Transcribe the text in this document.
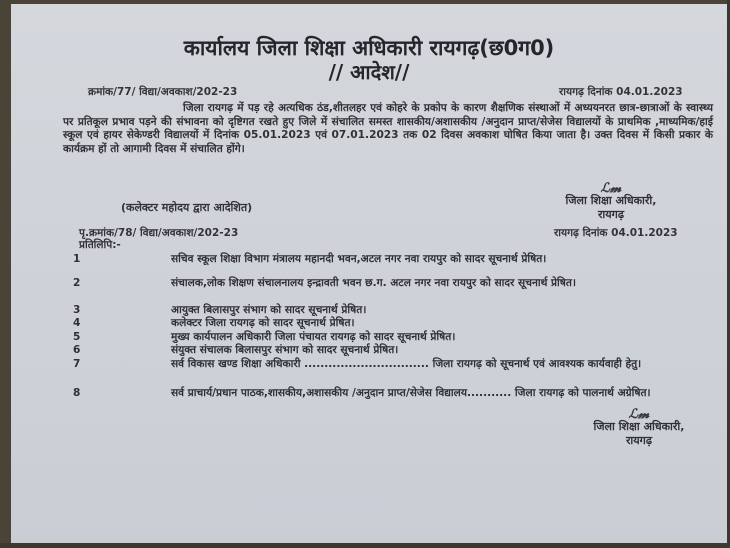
कार्यालय जिला शिक्षा अधिकारी रायगढ़(छ0ग0)
// आदेश//
क्रमांक/77/ विद्या/अवकाश/202-23	रायगढ़ दिनांक 04.01.2023
जिला रायगढ़ में पड़ रहे अत्यधिक ठंड,शीतलहर एवं कोहरे के प्रकोप के कारण शैक्षणिक संस्थाओं में अध्ययनरत छात्र-छात्राओं के स्वास्थ्य पर प्रतिकूल प्रभाव पड़ने की संभावना को दृष्टिगत रखते हुए जिले में संचालित समस्त शासकीय/अशासकीय /अनुदान प्राप्त/सेजेस विद्यालयों के प्राथमिक ,माध्यमिक/हाई स्कूल एवं हायर सेकेण्डरी विद्यालयों में दिनांक 05.01.2023 एवं 07.01.2023 तक 02 दिवस अवकाश घोषित किया जाता है। उक्त दिवस में किसी प्रकार के कार्यक्रम हों तो आगामी दिवस में संचालित होंगे।
(कलेक्टर महोदय द्वारा आदेशित)
ℒ𝓶
जिला शिक्षा अधिकारी,
रायगढ़
पृ.क्रमांक/78/ विद्या/अवकाश/202-23	रायगढ़ दिनांक 04.01.2023
प्रतिलिपि:-
1	सचिव स्कूल शिक्षा विभाग मंत्रालय महानदी भवन,अटल नगर नवा रायपुर को सादर सूचनार्थ प्रेषित।
2	संचालक,लोक शिक्षण संचालनालय इन्द्रावती भवन छ.ग. अटल नगर नवा रायपुर को सादर सूचनार्थ प्रेषित।
3	आयुक्त बिलासपुर संभाग को सादर सूचनार्थ प्रेषित।
4	कलेक्टर जिला रायगढ़ को सादर सूचनार्थ प्रेषित।
5	मुख्य कार्यपालन अधिकारी जिला पंचायत रायगढ़ को सादर सूचनार्थ प्रेषित।
6	संयुक्त संचालक बिलासपुर संभाग को सादर सूचनार्थ प्रेषित।
7	सर्व विकास खण्ड शिक्षा अधिकारी ............................... जिला रायगढ़ को सूचनार्थ एवं आवश्यक कार्यवाही हेतु।
8	सर्व प्राचार्य/प्रधान पाठक,शासकीय,अशासकीय /अनुदान प्राप्त/सेजेस विद्यालय........... जिला रायगढ़ को पालनार्थ अग्रेषित।
ℒ𝓶
जिला शिक्षा अधिकारी,
रायगढ़
